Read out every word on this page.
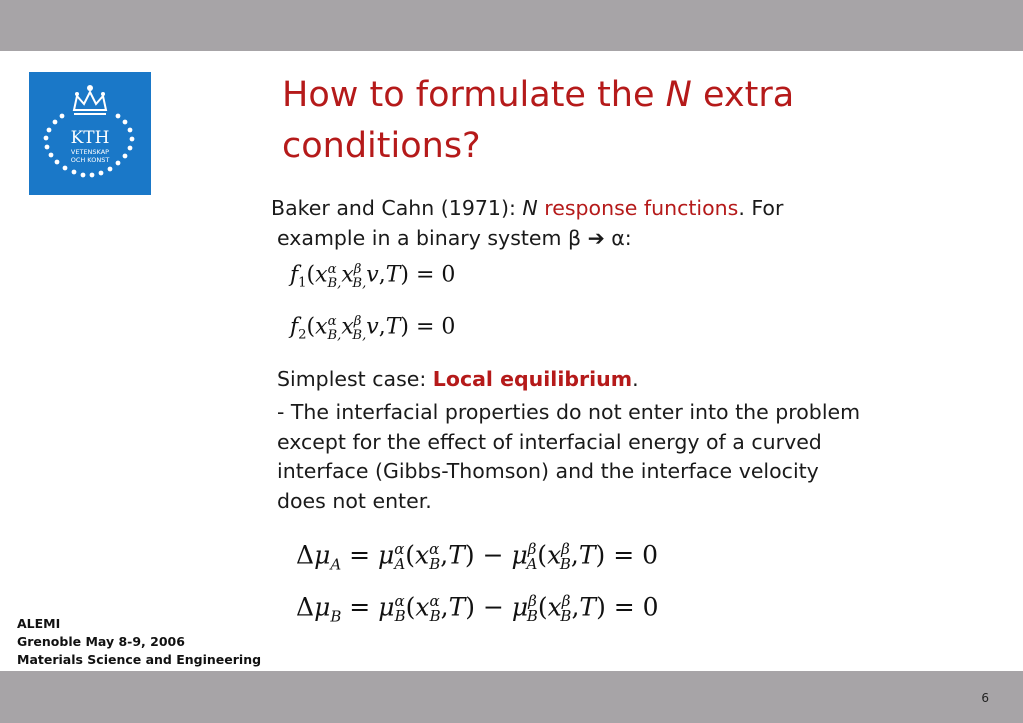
KTH
VETENSKAP
OCH KONST
How to formulate the N extra conditions?
Baker and Cahn (1971): N response functions. For
example in a binary system β ➔ α:
$f_1(x^\alpha_{B,}x^\beta_{B,}v,T) = 0$
$f_2(x^\alpha_{B,}x^\beta_{B,}v,T) = 0$
Simplest case: Local equilibrium.
- The interfacial properties do not enter into the problem
except for the effect of interfacial energy of a curved
interface (Gibbs-Thomson) and the interface velocity
does not enter.
$\Delta\mu_A = \mu^\alpha_A(x^\alpha_B,T) - \mu^\beta_A(x^\beta_B,T) = 0$
$\Delta\mu_B = \mu^\alpha_B(x^\alpha_B,T) - \mu^\beta_B(x^\beta_B,T) = 0$
ALEMI
Grenoble May 8-9, 2006
Materials Science and Engineering
6
